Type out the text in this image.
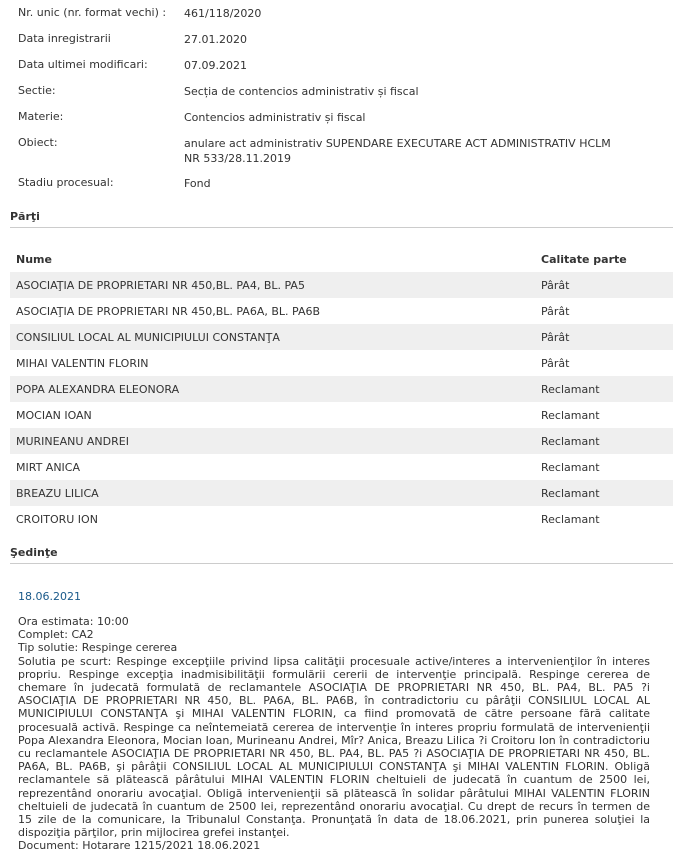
Nr. unic (nr. format vechi) : 461/118/2020
Data inregistrarii	27.01.2020
Data ultimei modificari:	07.09.2021
Sectie:	Secția de contencios administrativ și fiscal
Materie:	Contencios administrativ și fiscal
Obiect:	anulare act administrativ SUPENDARE EXECUTARE ACT ADMINISTRATIV HCLM NR 533/28.11.2019
Stadiu procesual:	Fond
Părţi
Nume	Calitate parte
ASOCIAŢIA DE PROPRIETARI NR 450,BL. PA4, BL. PA5	Pârât
ASOCIAŢIA DE PROPRIETARI NR 450,BL. PA6A, BL. PA6B	Pârât
CONSILIUL LOCAL AL MUNICIPIULUI CONSTANŢA	Pârât
MIHAI VALENTIN FLORIN	Pârât
POPA ALEXANDRA ELEONORA	Reclamant
MOCIAN IOAN	Reclamant
MURINEANU ANDREI	Reclamant
MIRT ANICA	Reclamant
BREAZU LILICA	Reclamant
CROITORU ION	Reclamant
Şedinţe
18.06.2021
Ora estimata: 10:00
Complet: CA2
Tip solutie: Respinge cererea
Solutia pe scurt: Respinge excepţiile privind lipsa calităţii procesuale active/interes a intervenienţilor în interes propriu. Respinge excepţia inadmisibilităţii formulării cererii de intervenţie principală. Respinge cererea de chemare în judecată formulată de reclamantele ASOCIAŢIA DE PROPRIETARI NR 450, BL. PA4, BL. PA5 ?i ASOCIAŢIA DE PROPRIETARI NR 450, BL. PA6A, BL. PA6B, în contradictoriu cu pârâţii CONSILIUL LOCAL AL MUNICIPIULUI CONSTANŢA şi MIHAI VALENTIN FLORIN, ca fiind promovată de către persoane fără calitate procesuală activă. Respinge ca neîntemeiată cererea de intervenţie în interes propriu formulată de intervenienţii Popa Alexandra Eleonora, Mocian Ioan, Murineanu Andrei, Mîr? Anica, Breazu Lilica ?i Croitoru Ion în contradictoriu cu reclamantele ASOCIAŢIA DE PROPRIETARI NR 450, BL. PA4, BL. PA5 ?i ASOCIAŢIA DE PROPRIETARI NR 450, BL. PA6A, BL. PA6B, şi pârâţii CONSILIUL LOCAL AL MUNICIPIULUI CONSTANŢA şi MIHAI VALENTIN FLORIN. Obligă reclamantele să plătească pârâtului MIHAI VALENTIN FLORIN cheltuieli de judecată în cuantum de 2500 lei, reprezentând onorariu avocaţial. Obligă intervenienţii să plătească în solidar pârâtului MIHAI VALENTIN FLORIN cheltuieli de judecată în cuantum de 2500 lei, reprezentând onorariu avocaţial. Cu drept de recurs în termen de 15 zile de la comunicare, la Tribunalul Constanţa. Pronunţată în data de 18.06.2021, prin punerea soluţiei la dispoziţia părţilor, prin mijlocirea grefei instanţei.
Document: Hotarare 1215/2021 18.06.2021
